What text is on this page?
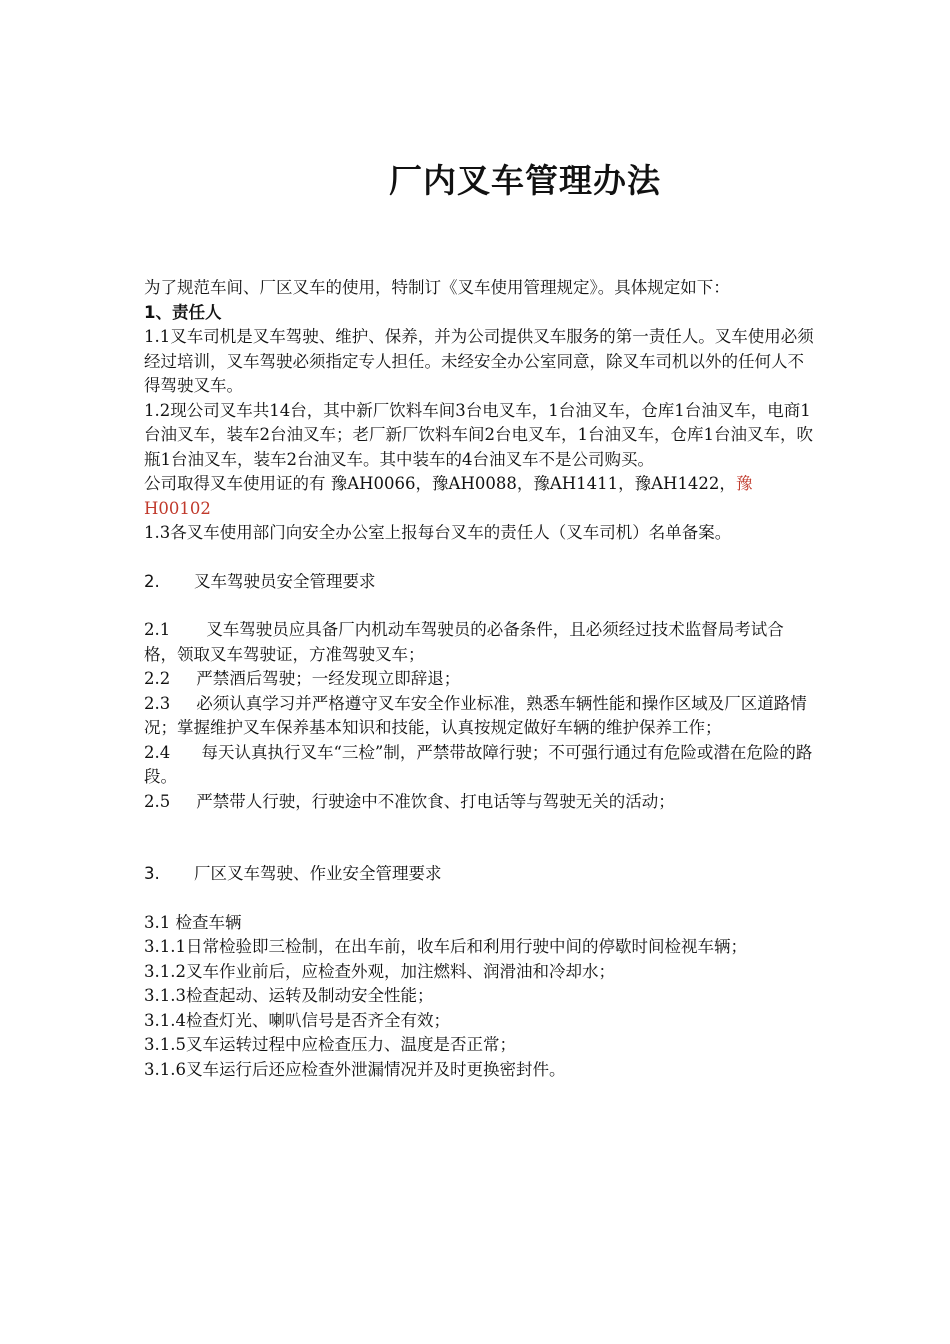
厂内叉车管理办法

为了规范车间、厂区叉车的使用，特制订《叉车使用管理规定》。具体规定如下：

1、责任人

1.1叉车司机是叉车驾驶、维护、保养，并为公司提供叉车服务的第一责任人。叉车使用必须经过培训，叉车驾驶必须指定专人担任。未经安全办公室同意，除叉车司机以外的任何人不得驾驶叉车。

1.2现公司叉车共14台，其中新厂饮料车间3台电叉车，1台油叉车，仓库1台油叉车，电商1台油叉车，装车2台油叉车；老厂新厂饮料车间2台电叉车，1台油叉车，仓库1台油叉车，吹瓶1台油叉车，装车2台油叉车。其中装车的4台油叉车不是公司购买。

公司取得叉车使用证的有 豫AH0066，豫AH0088，豫AH1411，豫AH1422，豫H00102

1.3各叉车使用部门向安全办公室上报每台叉车的责任人（叉车司机）名单备案。

2. 叉车驾驶员安全管理要求

2.1 叉车驾驶员应具备厂内机动车驾驶员的必备条件，且必须经过技术监督局考试合格，领取叉车驾驶证，方准驾驶叉车；

2.2 严禁酒后驾驶；一经发现立即辞退；

2.3 必须认真学习并严格遵守叉车安全作业标准，熟悉车辆性能和操作区域及厂区道路情况；掌握维护叉车保养基本知识和技能，认真按规定做好车辆的维护保养工作；

2.4 每天认真执行叉车“三检”制，严禁带故障行驶；不可强行通过有危险或潜在危险的路段。

2.5 严禁带人行驶，行驶途中不准饮食、打电话等与驾驶无关的活动；

3. 厂区叉车驾驶、作业安全管理要求

3.1 检查车辆

3.1.1日常检验即三检制，在出车前，收车后和利用行驶中间的停歇时间检视车辆；

3.1.2叉车作业前后，应检查外观，加注燃料、润滑油和冷却水；

3.1.3检查起动、运转及制动安全性能；

3.1.4检查灯光、喇叭信号是否齐全有效；

3.1.5叉车运转过程中应检查压力、温度是否正常；

3.1.6叉车运行后还应检查外泄漏情况并及时更换密封件。
